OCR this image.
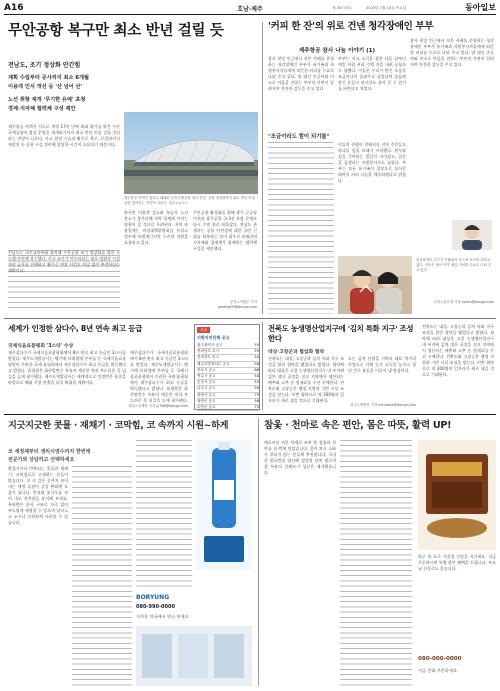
A16	호남·제주	제 30774호	2025년 1월 10일 목요일	동아일보
무안공항 복구만 최소 반년 걸릴 듯
전남도, 조기 정상화 안간힘
계획 수립부터 공사까지 최소 6개월
이용객 인식 개선 등 '산 넘어 산'
노선 취항 재개 '무기한 유예' 초청
경제·지자체 협력체 구성 제안
제주항공 여객기 참사로 폐쇄된 무안국제공항 청사 전경. 공항 정상화까지 최소 반년 이상 걸릴 것이라는 전망이 나온다. 광주=뉴시스
제주항공 여객기 사고로 개항 17년 만에 최대 위기를 맞은 무안국제공항이 정상 운영을 재개하기까지 최소 반년 이상 걸릴 것이라는 전망이 나온다. 사고 현장 수습과 활주로 복구, 로컬라이저 재설치 등 공항 시설 정비에 상당한 시간이 소요되기 때문이다.
전남도는 국토교통부와 협의해 무안공항 조기 정상화를 위한 로드맵 마련에 착수했다. 사고 조사가 마무리되는 대로 방위각 시설 개선 공사를 진행하고 활주로 연장 사업도 차질 없이 추진한다는 계획이다.
하지만 이용객 감소와 항공사 노선 축소가 불가피해 지역 경제에 미치는 영향이 클 것으로 우려된다. 지역 관광업계는 비상대책위원회를 꾸리고 정부에 특별재난지역 수준의 지원을 요청하고 있다.
무안공항 활성화를 위해 광주 군공항 이전과 광주공항 국내선 통합 문제도 다시 수면 위로 떠올랐다. 전남도 관계자는 공항 안전성에 대한 국민 신뢰를 회복하는 것이 최우선 과제라며 지자체와 경제계가 함께하는 협력체 구성을 제안했다.
무안=이형주 기자 peneye09@donga.com
'커피 한 잔'의 위로 건넨 청각장애인 부부
제주항공 참사 나눔 이야기 (1)
참사 현장 인근에서 작은 카페를 운영하는 청각장애인 부부가 유가족과 자원봉사자들에게 따뜻한 커피를 무료로 나눠 주고 있다. 말 대신 손글씨와 미소로 마음을 전하는 부부의 사연이 알려지며 잔잔한 감동을 주고 있다.
부부는 사고 소식을 접한 다음 날부터 매일 아침 커피 수백 잔을 내려 공항으로 향했다. 이들은 우리가 받은 도움을 조금이나마 돌려주고 싶었다며 슬픔에 잠긴 분들이 잠시라도 쉬어 갈 수 있기를 바란다고 적었다.
"조금이라도 힘이 되기를"
이들의 선행이 전해지자 지역 주민들도 하나둘 힘을 보태기 시작했다. 원두와 컵을 기부하는 발길이 이어졌고, 일손을 돕겠다는 자원봉사자도 늘었다. 부부는 모든 유가족이 일상으로 돌아갈 때까지 커피 나눔을 계속하겠다고 밝혔다.
참사 현장 인근에서 작은 카페를 운영하는 청각장애인 부부가 유가족과 자원봉사자들에게 따뜻한 커피를 무료로 나눠 주고 있다. 말 대신 손글씨와 미소로 마음을 전하는 부부의 사연이 알려지며 잔잔한 감동을 주고 있다.
청각장애인 부부가 카페에서 웃으며 포즈를 취하고 있다. 이들은 참사 이후 매일 커피를 무료로 나눠 주고 있다.
무안=김소영 기자 sykim@donga.com
세계가 인정한 삼다수, 8년 연속 최고 등급
국제식음료품평회 '3스타' 수상
제주삼다수가 국제식음료품평회에서 8년 연속 최고 등급인 3스타를 받았다. 제주도개발공사는 벨기에 브뤼셀에 본부를 둔 국제식음료품평원이 주관한 국제 품평회에서 제주삼다수가 최고 등급을 획득했다고 밝혔다. 품평원은 화산암반수 특유의 깨끗한 맛과 부드러운 목 넘김을 높게 평가했다. 제주도개발공사는 세계적으로 인정받은 품질을 바탕으로 해외 시장 진출을 더욱 확대할 계획이다.
제주삼다수가 국제식음료품평회에서 8년 연속 최고 등급인 3스타를 받았다. 제주도개발공사는 벨기에 브뤼셀에 본부를 둔 국제식음료품평원이 주관한 국제 품평회에서 제주삼다수가 최고 등급을 획득했다고 밝혔다. 품평원은 화산암반수 특유의 깨끗한 맛과 부드러운 목 넘김을 높게 평가했다.
제주=임재영 기자 jy788@donga.com
호남
지방자치단체 공고
광주광역시 공고	55
전라남도 고시	59
전라북도 공고	54
제주특별자치도 공고	58
목포시 공고	66
여수시 공고	54
순천시 공고	53
나주시 공고	59
광양시 공고	75
담양군 공고	56
무안군 공고	75
전북도 농생명산업지구에 '김치 특화 지구' 조성한다
대상·고창군과 협업화 협약
전북도는 대상, 고창군과 김치 특화 지구 조성을 위한 협약을 맺었다고 밝혔다. 협약에 따라 대상은 고창 농생명산업지구 내 부지에 김치 생산 공장을 짓고 지역에서 생산되는 배추와 고추 등 원재료를 우선 구매한다. 전북도와 고창군은 행정 지원과 기반 시설 조성을 맡는다. 이번 협약으로 약 200명의 일자리가 새로 생길 것으로 기대된다.
도는 김치 산업을 지역의 대표 먹거리 산업으로 키워 농가 소득을 높이고 청년 인구 유입을 이끌어 낼 방침이다.
전주=박영민 기자 minpress@donga.com
전북도는 대상, 고창군과 김치 특화 지구 조성을 위한 협약을 맺었다고 밝혔다. 협약에 따라 대상은 고창 농생명산업지구 내 부지에 김치 생산 공장을 짓고 지역에서 생산되는 배추와 고추 등 원재료를 우선 구매한다. 전북도와 고창군은 행정 지원과 기반 시설 조성을 맡는다. 이번 협약으로 약 200명의 일자리가 새로 생길 것으로 기대된다.
지긋지긋한 콧물 · 재채기 · 코막힘, 코 속까지 시원~하게
코 세정제부터 생리식염수까지 한번에
전문가와 상담하고 선택하세요
환절기마다 반복되는 콧물과 재채기, 코막힘으로 고생하는 분들이 많습니다. 코 속 깊은 곳까지 씻어 내는 세정 습관이 증상 완화에 도움이 됩니다. 먼지와 꽃가루를 씻어 내고 촉촉함을 유지해 보세요. 특허받은 분사 구조로 자극 없이 부드럽게 세정할 수 있으며 남녀노소 누구나 간편하게 사용할 수 있습니다.
BORYUNG
080-990-0000
가까운 약국에서 만나 보세요
참옻 · 천마로 속은 편안, 몸은 따뜻, 활력 UP!
예로부터 귀한 약재로 쓰여 온 참옻과 천마를 한 번에 담았습니다. 몸이 차고 소화가 잘되지 않는 분들께 추천합니다. 국내산 원료만을 엄선해 정성껏 달여 냈으며 옻 특유의 알레르기 성분은 제거했습니다.
하루 한 포로 겨울철 건강을 지키세요. 지금 주문하시면 특별 할인 혜택을 드립니다. 부모님 선물로도 좋습니다.
080-000-0000
지금 전화 주문하세요
